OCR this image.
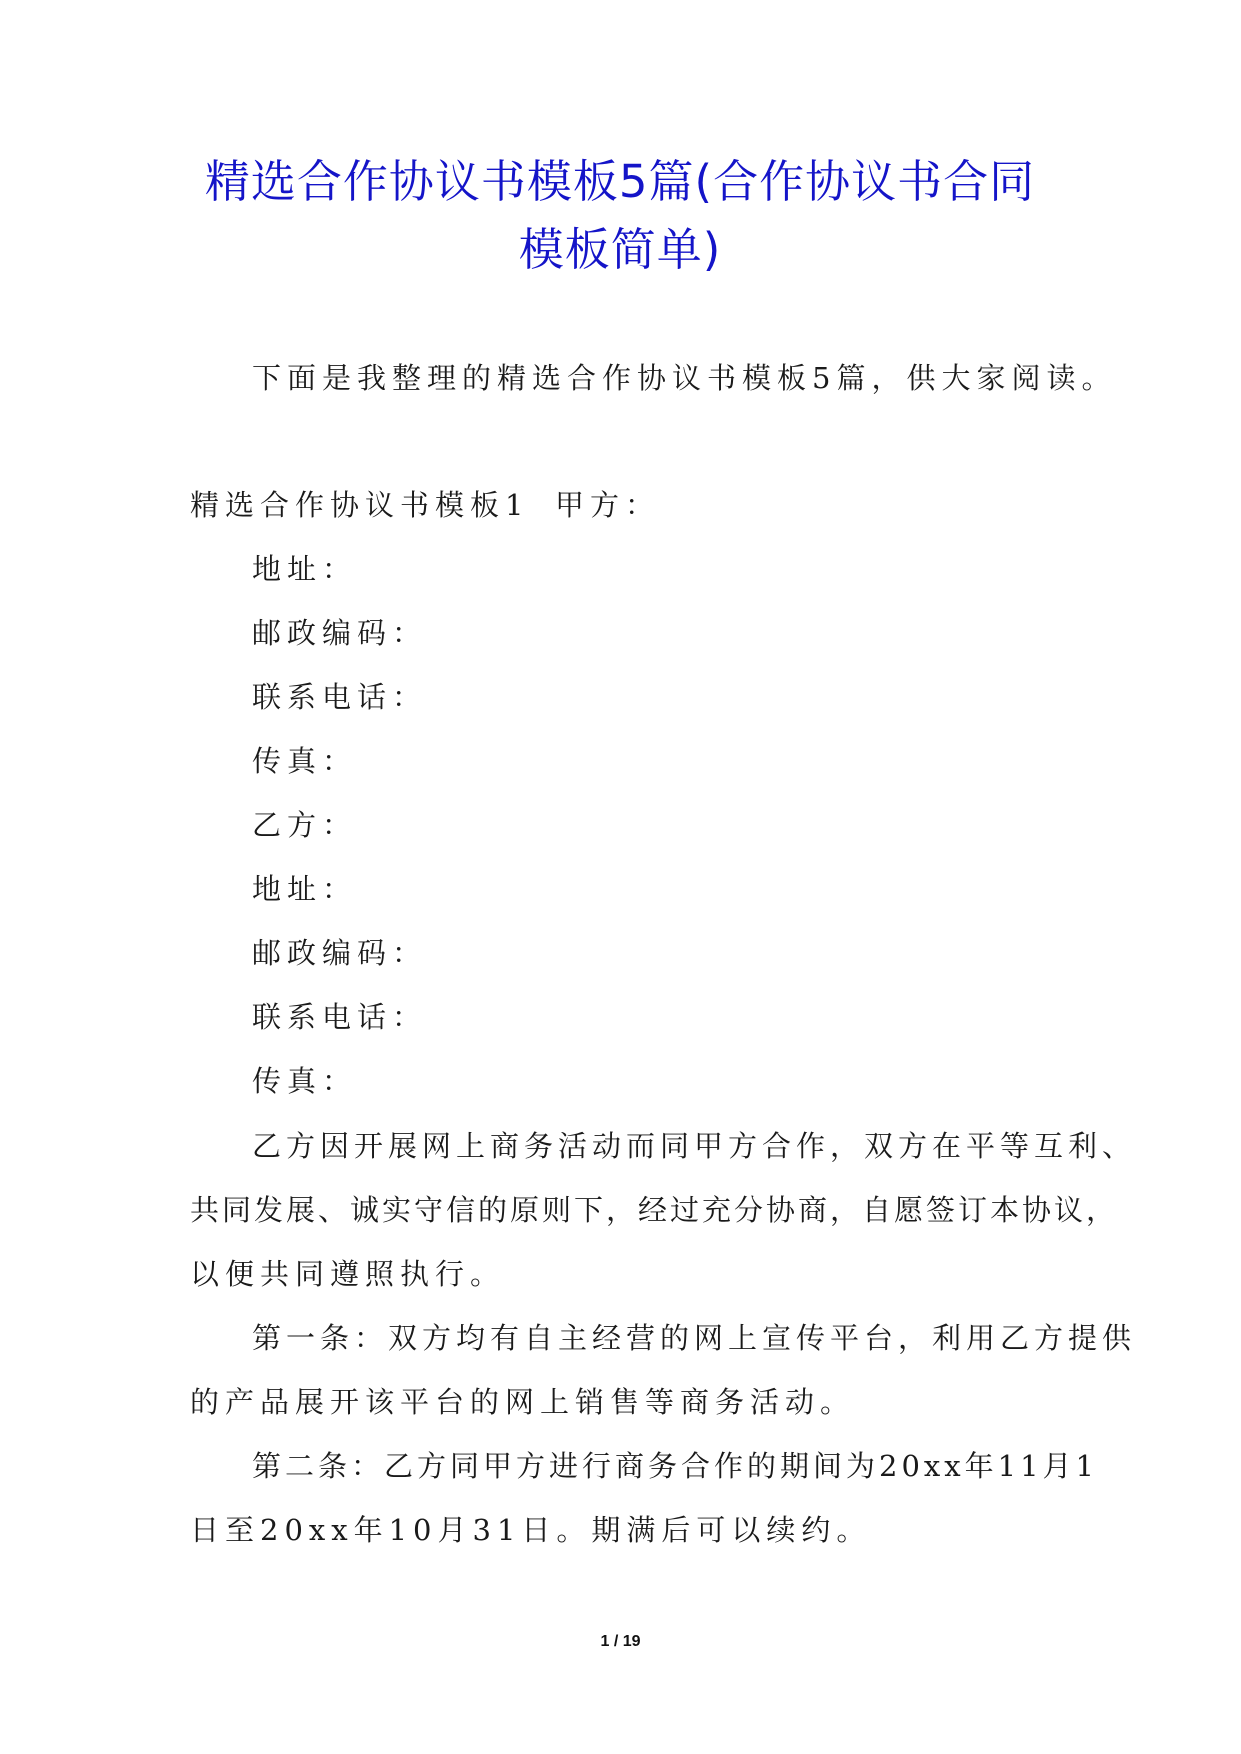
精选合作协议书模板5篇(合作协议书合同
模板简单)
下面是我整理的精选合作协议书模板5篇，供大家阅读。
精选合作协议书模板1 甲方：
地址：
邮政编码：
联系电话：
传真：
乙方：
地址：
邮政编码：
联系电话：
传真：
乙方因开展网上商务活动而同甲方合作，双方在平等互利、
共同发展、诚实守信的原则下，经过充分协商，自愿签订本协议，
以便共同遵照执行。
第一条：双方均有自主经营的网上宣传平台，利用乙方提供
的产品展开该平台的网上销售等商务活动。
第二条：乙方同甲方进行商务合作的期间为20xx年11月1
日至20xx年10月31日。期满后可以续约。
1 / 19
